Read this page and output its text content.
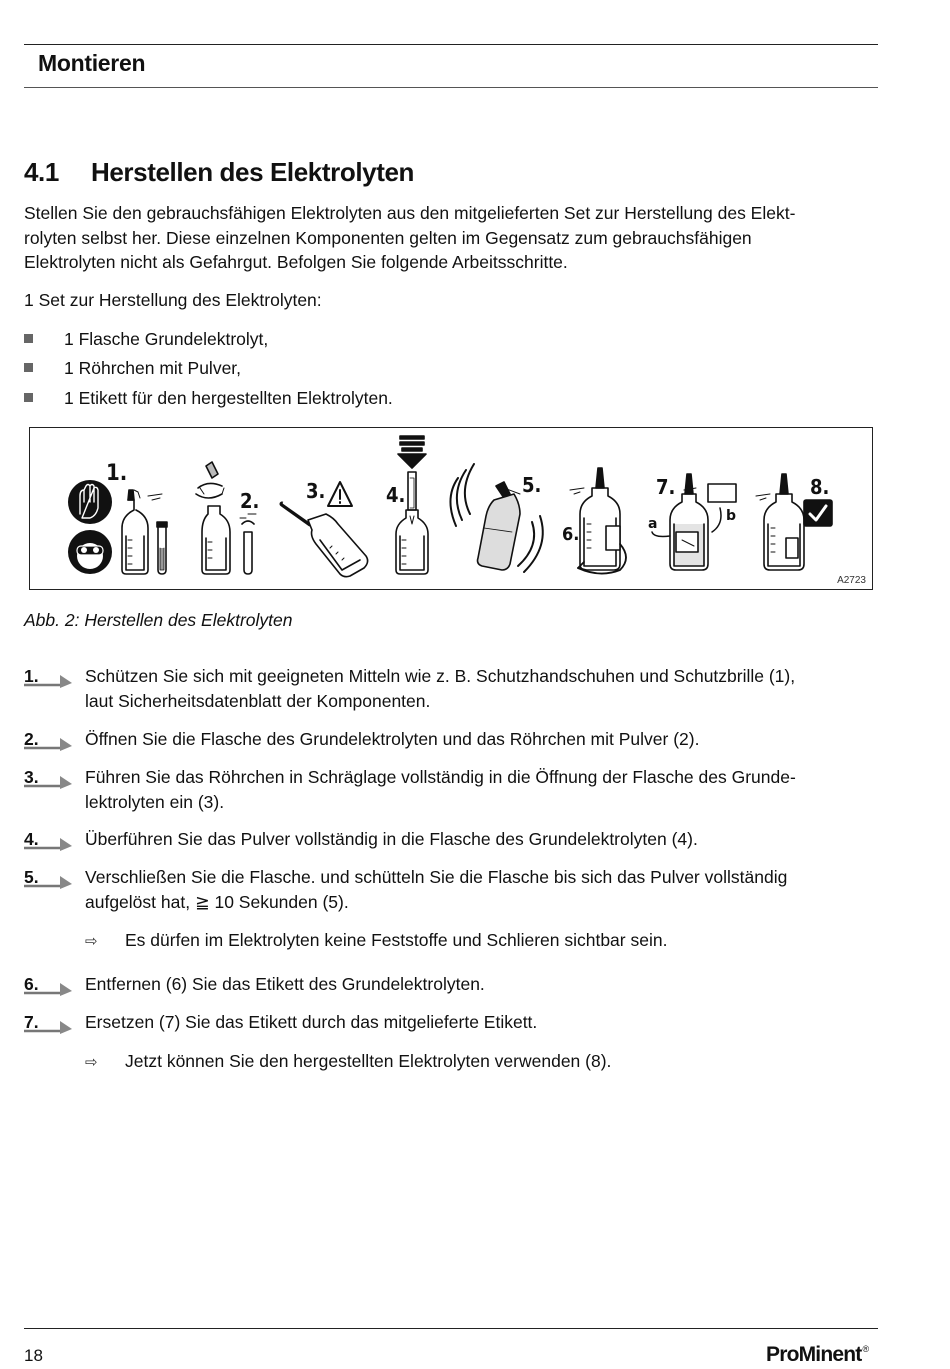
Montieren
4.1 Herstellen des Elektrolyten
Stellen Sie den gebrauchsfähigen Elektrolyten aus den mitgelieferten Set zur Herstellung des Elekt-
rolyten selbst her. Diese einzelnen Komponenten gelten im Gegensatz zum gebrauchsfähigen
Elektrolyten nicht als Gefahrgut. Befolgen Sie folgende Arbeitsschritte.
1 Set zur Herstellung des Elektrolyten:
1 Flasche Grundelektrolyt,
1 Röhrchen mit Pulver,
1 Etikett für den hergestellten Elektrolyten.
1.
2. 3.	4.	5.
6.
7.
a	b
8.
A2723
Abb. 2: Herstellen des Elektrolyten
1.	Schützen Sie sich mit geeigneten Mitteln wie z. B. Schutzhandschuhen und Schutzbrille (1),
laut Sicherheitsdatenblatt der Komponenten.
2.	Öffnen Sie die Flasche des Grundelektrolyten und das Röhrchen mit Pulver (2).
3.	Führen Sie das Röhrchen in Schräglage vollständig in die Öffnung der Flasche des Grunde-
lektrolyten ein (3).
4.	Überführen Sie das Pulver vollständig in die Flasche des Grundelektrolyten (4).
5.	Verschließen Sie die Flasche. und schütteln Sie die Flasche bis sich das Pulver vollständig
aufgelöst hat, ≧ 10 Sekunden (5).
⇨ Es dürfen im Elektrolyten keine Feststoffe und Schlieren sichtbar sein.
6.	Entfernen (6) Sie das Etikett des Grundelektrolyten.
7.	Ersetzen (7) Sie das Etikett durch das mitgelieferte Etikett.
⇨ Jetzt können Sie den hergestellten Elektrolyten verwenden (8).
18	ProMinent®
